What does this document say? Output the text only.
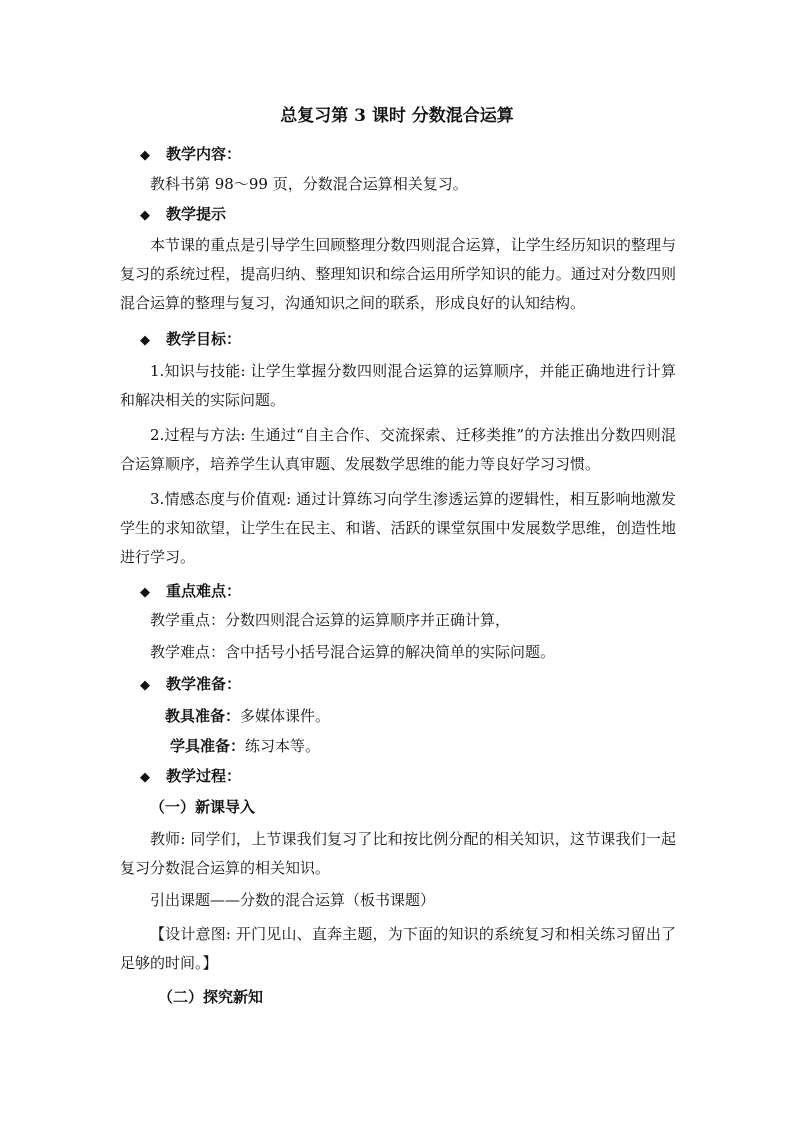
总复习第 3 课时 分数混合运算
◆ 教学内容：
教科书第 98～99 页，分数混合运算相关复习。
◆ 教学提示
本节课的重点是引导学生回顾整理分数四则混合运算，让学生经历知识的整理与复习的系统过程，提高归纳、整理知识和综合运用所学知识的能力。通过对分数四则混合运算的整理与复习，沟通知识之间的联系，形成良好的认知结构。
◆ 教学目标：
1.知识与技能: 让学生掌握分数四则混合运算的运算顺序，并能正确地进行计算和解决相关的实际问题。
2.过程与方法: 生通过“自主合作、交流探索、迁移类推”的方法推出分数四则混合运算顺序，培养学生认真审题、发展数学思维的能力等良好学习习惯。
3.情感态度与价值观: 通过计算练习向学生渗透运算的逻辑性，相互影响地激发学生的求知欲望，让学生在民主、和谐、活跃的课堂氛围中发展数学思维，创造性地进行学习。
◆ 重点难点：
教学重点：分数四则混合运算的运算顺序并正确计算，
教学难点：含中括号小括号混合运算的解决简单的实际问题。
◆ 教学准备：
教具准备：多媒体课件。
学具准备：练习本等。
◆ 教学过程：
（一）新课导入
教师: 同学们，上节课我们复习了比和按比例分配的相关知识，这节课我们一起复习分数混合运算的相关知识。
引出课题——分数的混合运算（板书课题）
【设计意图: 开门见山、直奔主题，为下面的知识的系统复习和相关练习留出了足够的时间。】
（二）探究新知
